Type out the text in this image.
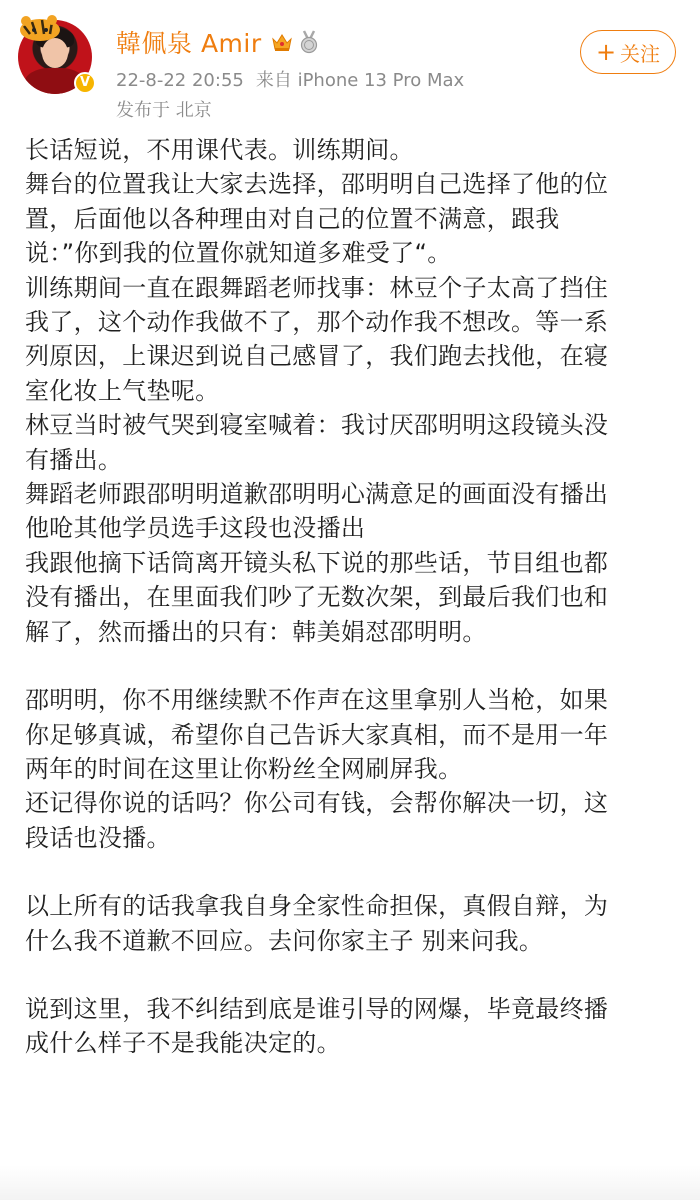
V
韓佩泉 Amir
22-8-22 20:55 来自 iPhone 13 Pro Max
发布于 北京
+ 关注

长话短说，不用课代表。训练期间。

舞台的位置我让大家去选择，邵明明自己选择了他的位

置，后面他以各种理由对自己的位置不满意，跟我

说：”你到我的位置你就知道多难受了“。

训练期间一直在跟舞蹈老师找事：林豆个子太高了挡住

我了，这个动作我做不了，那个动作我不想改。等一系

列原因，上课迟到说自己感冒了，我们跑去找他，在寝

室化妆上气垫呢。

林豆当时被气哭到寝室喊着：我讨厌邵明明这段镜头没

有播出。

舞蹈老师跟邵明明道歉邵明明心满意足的画面没有播出

他呛其他学员选手这段也没播出

我跟他摘下话筒离开镜头私下说的那些话，节目组也都

没有播出，在里面我们吵了无数次架，到最后我们也和

解了，然而播出的只有：韩美娟怼邵明明。

邵明明，你不用继续默不作声在这里拿别人当枪，如果

你足够真诚，希望你自己告诉大家真相，而不是用一年

两年的时间在这里让你粉丝全网刷屏我。

还记得你说的话吗？你公司有钱，会帮你解决一切，这

段话也没播。

以上所有的话我拿我自身全家性命担保，真假自辩，为

什么我不道歉不回应。去问你家主子 别来问我。

说到这里，我不纠结到底是谁引导的网爆，毕竟最终播

成什么样子不是我能决定的。
